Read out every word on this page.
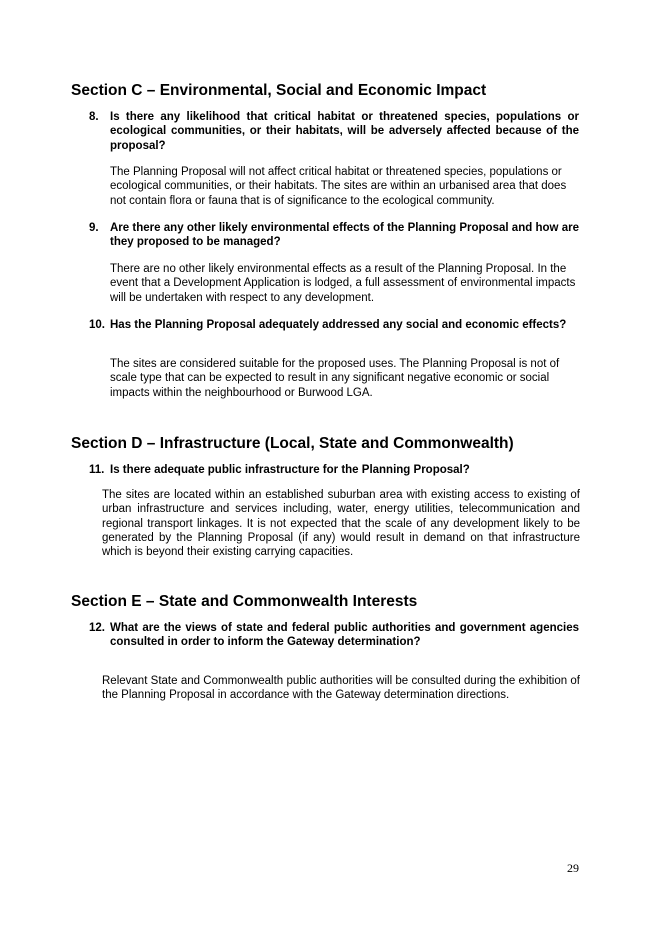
Section C – Environmental, Social and Economic Impact
8. Is there any likelihood that critical habitat or threatened species, populations or ecological communities, or their habitats, will be adversely affected because of the proposal?

The Planning Proposal will not affect critical habitat or threatened species, populations or ecological communities, or their habitats. The sites are within an urbanised area that does not contain flora or fauna that is of significance to the ecological community.

9. Are there any other likely environmental effects of the Planning Proposal and how are they proposed to be managed?

There are no other likely environmental effects as a result of the Planning Proposal. In the event that a Development Application is lodged, a full assessment of environmental impacts will be undertaken with respect to any development.

10. Has the Planning Proposal adequately addressed any social and economic effects?

The sites are considered suitable for the proposed uses. The Planning Proposal is not of scale type that can be expected to result in any significant negative economic or social impacts within the neighbourhood or Burwood LGA.

Section D – Infrastructure (Local, State and Commonwealth)
11. Is there adequate public infrastructure for the Planning Proposal?

The sites are located within an established suburban area with existing access to existing of urban infrastructure and services including, water, energy utilities, telecommunication and regional transport linkages. It is not expected that the scale of any development likely to be generated by the Planning Proposal (if any) would result in demand on that infrastructure which is beyond their existing carrying capacities.

Section E – State and Commonwealth Interests
12. What are the views of state and federal public authorities and government agencies consulted in order to inform the Gateway determination?

Relevant State and Commonwealth public authorities will be consulted during the exhibition of the Planning Proposal in accordance with the Gateway determination directions.

29
